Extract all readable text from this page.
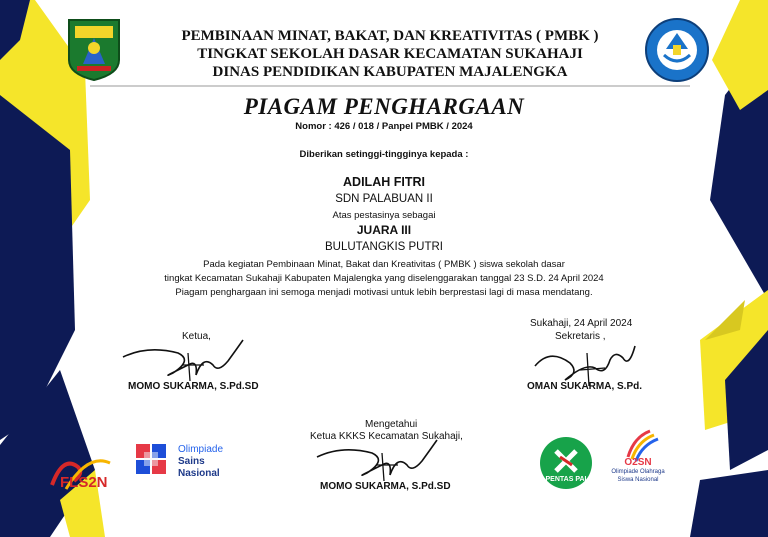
PEMBINAAN MINAT, BAKAT, DAN KREATIVITAS ( PMBK )
TINGKAT SEKOLAH DASAR KECAMATAN SUKAHAJI
DINAS PENDIDIKAN KABUPATEN MAJALENGKA
PIAGAM PENGHARGAAN
Nomor : 426 / 018 / Panpel PMBK / 2024
Diberikan setinggi-tingginya kepada :
ADILAH FITRI
SDN PALABUAN II
Atas pestasinya sebagai
JUARA III
BULUTANGKIS PUTRI
Pada kegiatan Pembinaan Minat, Bakat dan Kreativitas ( PMBK ) siswa sekolah dasar
tingkat Kecamatan Sukahaji Kabupaten Majalengka yang diselenggarakan tanggal 23 S.D. 24 April 2024
Piagam penghargaan ini semoga menjadi motivasi untuk lebih berprestasi lagi di masa mendatang.
Ketua,
MOMO SUKARMA, S.Pd.SD
Sukahaji, 24 April 2024
Sekretaris ,
OMAN SUKARMA, S.Pd.
Mengetahui
Ketua KKKS Kecamatan Sukahaji,
MOMO SUKARMA, S.Pd.SD
FLS2N
Olimpiade
Sains
Nasional
PENTAS PAI
O2SN
Olimpiade Olahraga
Siswa Nasional
